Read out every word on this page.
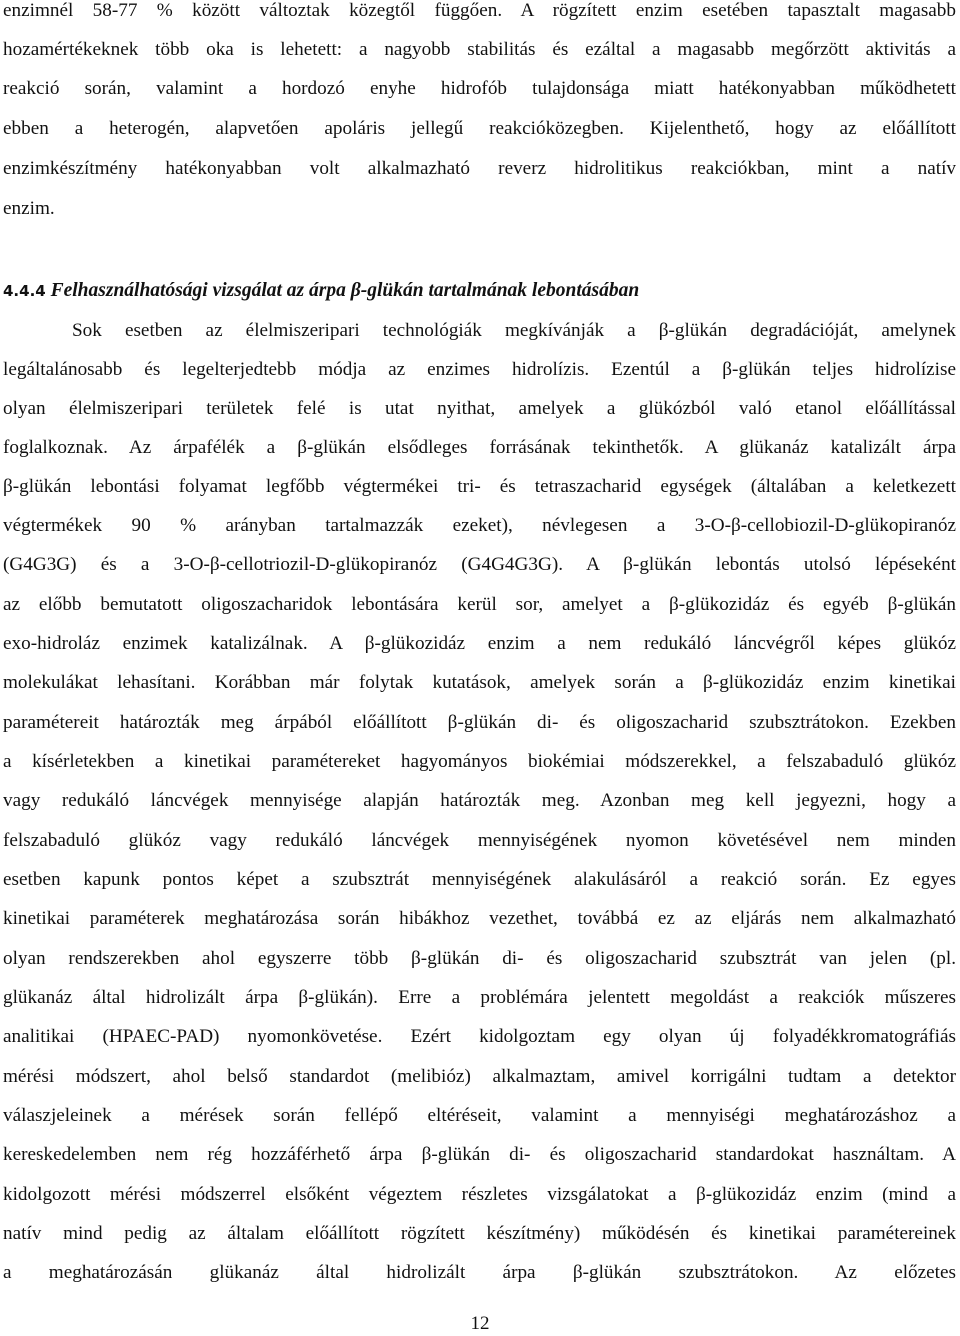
enzimnél 58-77 % között változtak közegtől függően. A rögzített enzim esetében tapasztalt magasabb
hozamértékeknek több oka is lehetett: a nagyobb stabilitás és ezáltal a magasabb megőrzött aktivitás a
reakció során, valamint a hordozó enyhe hidrofób tulajdonsága miatt hatékonyabban működhetett
ebben a heterogén, alapvetően apoláris jellegű reakcióközegben. Kijelenthető, hogy az előállított
enzimkészítmény hatékonyabban volt alkalmazható reverz hidrolitikus reakciókban, mint a natív
enzim.
4.4.4 Felhasználhatósági vizsgálat az árpa β-glükán tartalmának lebontásában
Sok esetben az élelmiszeripari technológiák megkívánják a β-glükán degradációját, amelynek
legáltalánosabb és legelterjedtebb módja az enzimes hidrolízis. Ezentúl a β-glükán teljes hidrolízise
olyan élelmiszeripari területek felé is utat nyithat, amelyek a glükózból való etanol előállítással
foglalkoznak. Az árpafélék a β-glükán elsődleges forrásának tekinthetők. A glükanáz katalizált árpa
β-glükán lebontási folyamat legfőbb végtermékei tri- és tetraszacharid egységek (általában a keletkezett
végtermékek 90 % arányban tartalmazzák ezeket), névlegesen a 3-O-β-cellobiozil-D-glükopiranóz
(G4G3G) és a 3-O-β-cellotriozil-D-glükopiranóz (G4G4G3G). A β-glükán lebontás utolsó lépéseként
az előbb bemutatott oligoszacharidok lebontására kerül sor, amelyet a β-glükozidáz és egyéb β-glükán
exo-hidroláz enzimek katalizálnak. A β-glükozidáz enzim a nem redukáló láncvégről képes glükóz
molekulákat lehasítani. Korábban már folytak kutatások, amelyek során a β-glükozidáz enzim kinetikai
paramétereit határozták meg árpából előállított β-glükán di- és oligoszacharid szubsztrátokon. Ezekben
a kísérletekben a kinetikai paramétereket hagyományos biokémiai módszerekkel, a felszabaduló glükóz
vagy redukáló láncvégek mennyisége alapján határozták meg. Azonban meg kell jegyezni, hogy a
felszabaduló glükóz vagy redukáló láncvégek mennyiségének nyomon követésével nem minden
esetben kapunk pontos képet a szubsztrát mennyiségének alakulásáról a reakció során. Ez egyes
kinetikai paraméterek meghatározása során hibákhoz vezethet, továbbá ez az eljárás nem alkalmazható
olyan rendszerekben ahol egyszerre több β-glükán di- és oligoszacharid szubsztrát van jelen (pl.
glükanáz által hidrolizált árpa β-glükán). Erre a problémára jelentett megoldást a reakciók műszeres
analitikai (HPAEC-PAD) nyomonkövetése. Ezért kidolgoztam egy olyan új folyadékkromatográfiás
mérési módszert, ahol belső standardot (melibióz) alkalmaztam, amivel korrigálni tudtam a detektor
válaszjeleinek a mérések során fellépő eltéréseit, valamint a mennyiségi meghatározáshoz a
kereskedelemben nem rég hozzáférhető árpa β-glükán di- és oligoszacharid standardokat használtam. A
kidolgozott mérési módszerrel elsőként végeztem részletes vizsgálatokat a β-glükozidáz enzim (mind a
natív mind pedig az általam előállított rögzített készítmény) működésén és kinetikai paramétereinek
a meghatározásán glükanáz által hidrolizált árpa β-glükán szubsztrátokon. Az előzetes
12
